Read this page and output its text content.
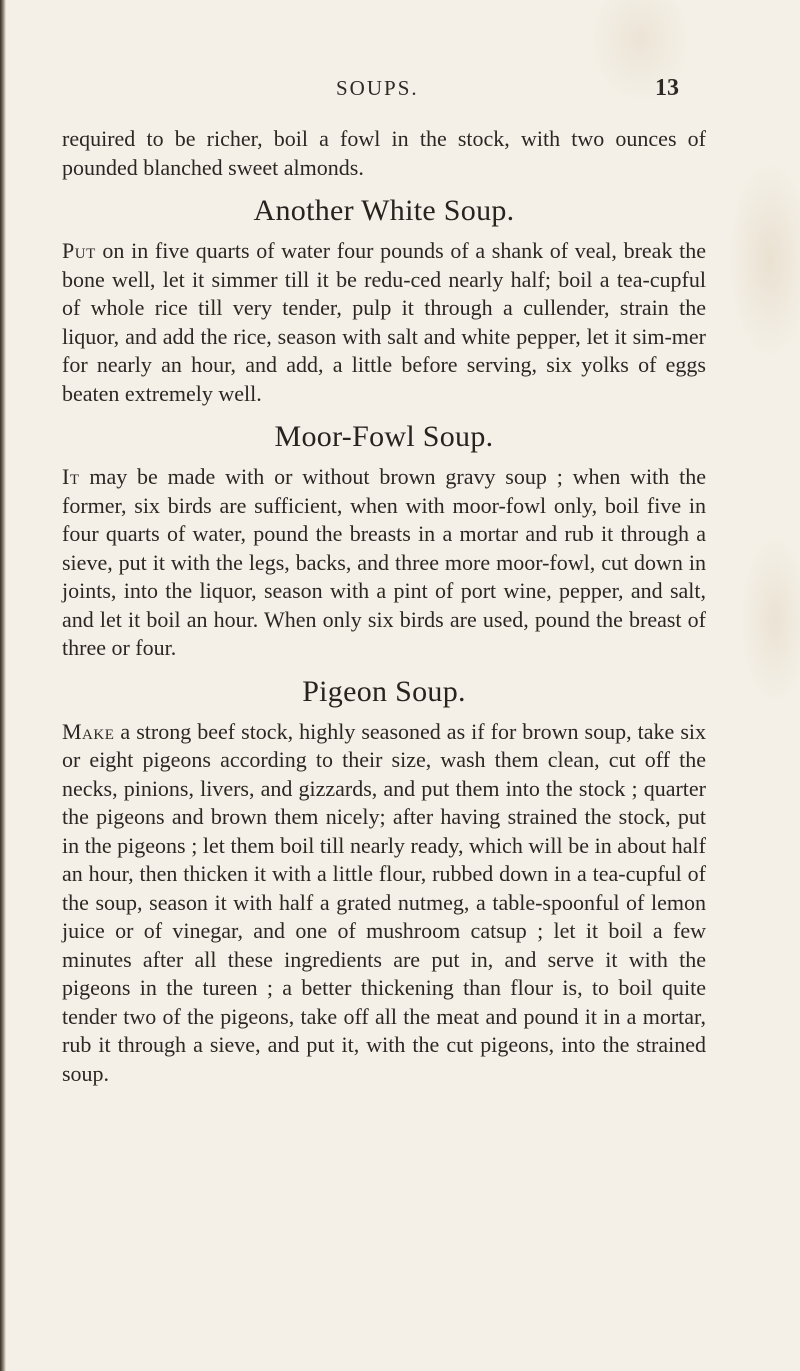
SOUPS.	13

required to be richer, boil a fowl in the stock, with two ounces of pounded blanched sweet almonds.

Another White Soup.

Put on in five quarts of water four pounds of a shank of veal, break the bone well, let it simmer till it be redu-ced nearly half; boil a tea-cupful of whole rice till very tender, pulp it through a cullender, strain the liquor, and add the rice, season with salt and white pepper, let it sim-mer for nearly an hour, and add, a little before serving, six yolks of eggs beaten extremely well.

Moor-Fowl Soup.

It may be made with or without brown gravy soup ; when with the former, six birds are sufficient, when with moor-fowl only, boil five in four quarts of water, pound the breasts in a mortar and rub it through a sieve, put it with the legs, backs, and three more moor-fowl, cut down in joints, into the liquor, season with a pint of port wine, pepper, and salt, and let it boil an hour. When only six birds are used, pound the breast of three or four.

Pigeon Soup.

Make a strong beef stock, highly seasoned as if for brown soup, take six or eight pigeons according to their size, wash them clean, cut off the necks, pinions, livers, and gizzards, and put them into the stock ; quarter the pigeons and brown them nicely; after having strained the stock, put in the pigeons ; let them boil till nearly ready, which will be in about half an hour, then thicken it with a little flour, rubbed down in a tea-cupful of the soup, season it with half a grated nutmeg, a table-spoonful of lemon juice or of vinegar, and one of mushroom catsup ; let it boil a few minutes after all these ingredients are put in, and serve it with the pigeons in the tureen ; a better thickening than flour is, to boil quite tender two of the pigeons, take off all the meat and pound it in a mortar, rub it through a sieve, and put it, with the cut pigeons, into the strained soup.
